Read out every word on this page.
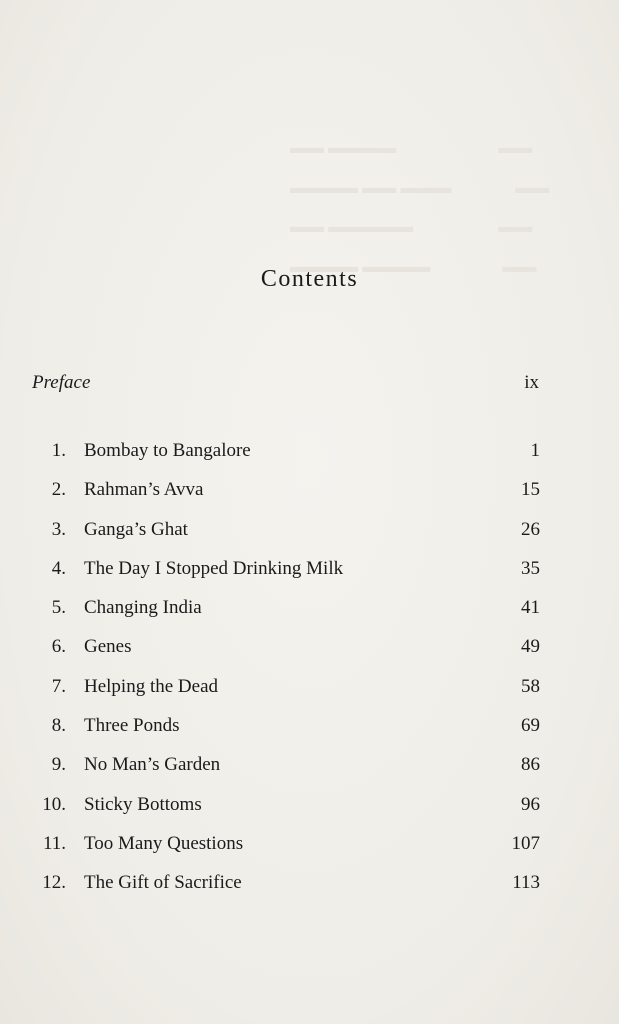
▬▬ ▬▬▬▬                        ▬▬
▬▬▬▬ ▬▬ ▬▬▬               ▬▬
▬▬ ▬▬▬▬▬                    ▬▬
▬▬▬▬ ▬▬▬▬                 ▬▬
Contents
Preface	ix
1. Bombay to Bangalore	1
2. Rahman’s Avva	15
3. Ganga’s Ghat	26
4. The Day I Stopped Drinking Milk	35
5. Changing India	41
6. Genes	49
7. Helping the Dead	58
8. Three Ponds	69
9. No Man’s Garden	86
10. Sticky Bottoms	96
11. Too Many Questions	107
12. The Gift of Sacrifice	113
